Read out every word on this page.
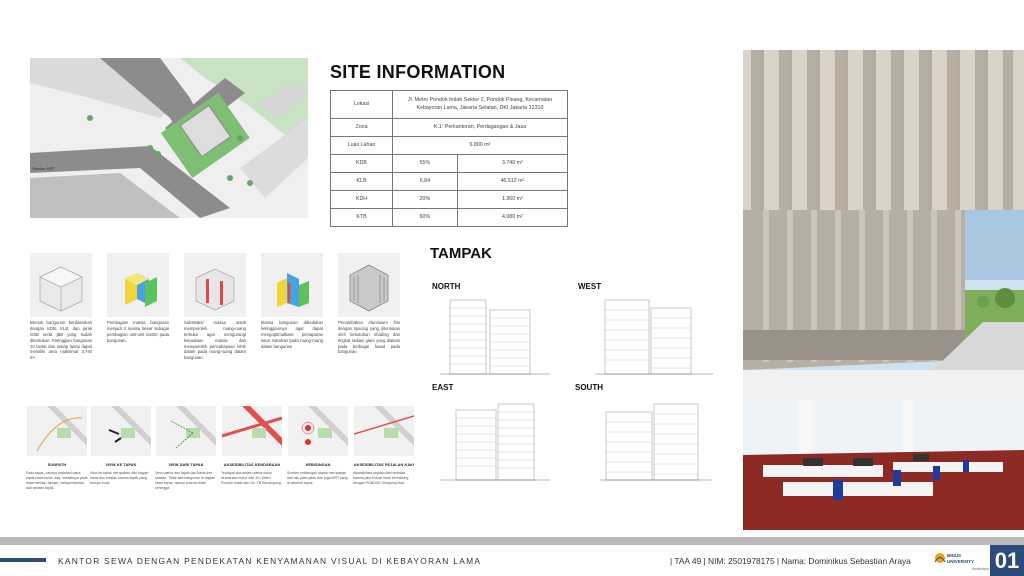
Stasiun MRT
SITE INFORMATION
Lokasi	Jl. Metro Pondok Indah Sektor 2, Pondok Pinang, Kecamatan Kebayoran Lama, Jakarta Selatan, DKI Jakarta 12310	
Zona	K.1: Perkantoran, Perdagangan & Jasa	
Luas Lahan	6.800 m²	
KDB	55%	3.740 m²
KLB	6,84	46.512 m²
KDH	20%	1.360 m²
KTB	60%	4.080 m²
Bentuk bangunan berdasarkan dengan KDB, KLB, dan jarak GSB serta jBB yang sudah ditentukan. Ketinggian bangunan 10 lantai dan setiap lantai dapat memiliki area maksimal 3.740 m².
Pembagian massa bangunan menjadi 3 massa besar sebagai pembagian unit-unit kantor pada bangunan.
Substraksi massa untuk memperoleh ruang-ruang terbuka agar mengurangi kepadatan massa dan memperoleh pencahayaan lebih dalam pada ruang-ruang dalam bangunan.
Massa bangunan dibedakan ketinggiannya agar dapat mengoptimalkase pemaparan sinar matahari pada ruang-ruang dalam bangunan
Penambahan Aluminium fins dengan spacing yang ditentukan oleh kebutuhan shading dan tingkat radiasi glare yang dialami pada berbagai fasad pada bangunan
SUNPATH
Pada tapak, cahaya matahari utara tapak pada bulan Juni, sebaliknya pada bulan sekitar Januari, cahaya berasal dari selatan tapak.
VIEW KE TAPAK
View ke tapak merupakan dari bagian barat dan selatan karena tapak yang berupa hook.
VIEW DARI TAPAK
View utama dari tapak dari barat dan selatan. Tidak ada bangunan di bagian utara tapak, namun potensi tidak sehingga
AKSESIBILITAS KENDARAAN
Terdapat dua akses utama untuk kendaraan motor dari Jln. Metro Pondok Indah dan Jln. TB Simatupang.
KEBISINGAN
Sumber kebisingan utama merupakan dari lalu jalan-jalan dan juga MRT yang di sebelah tapak.
AKSESIBILITAS PEJALAN KAKI
Aksesibilitas pejalan kaki terbatas karena jalur trotoar tidak berhubung dengan PONDOK Shopping Mall.
TAMPAK
NORTH	WEST
EAST	SOUTH
KANTOR SEWA DENGAN PENDEKATAN KENYAMANAN VISUAL DI KEBAYORAN LAMA	| TAA 49 | NIM: 2501978175 | Nama: Dominikus Sebastian Araya
BINUS
UNIVERSITY
Architecture 01
